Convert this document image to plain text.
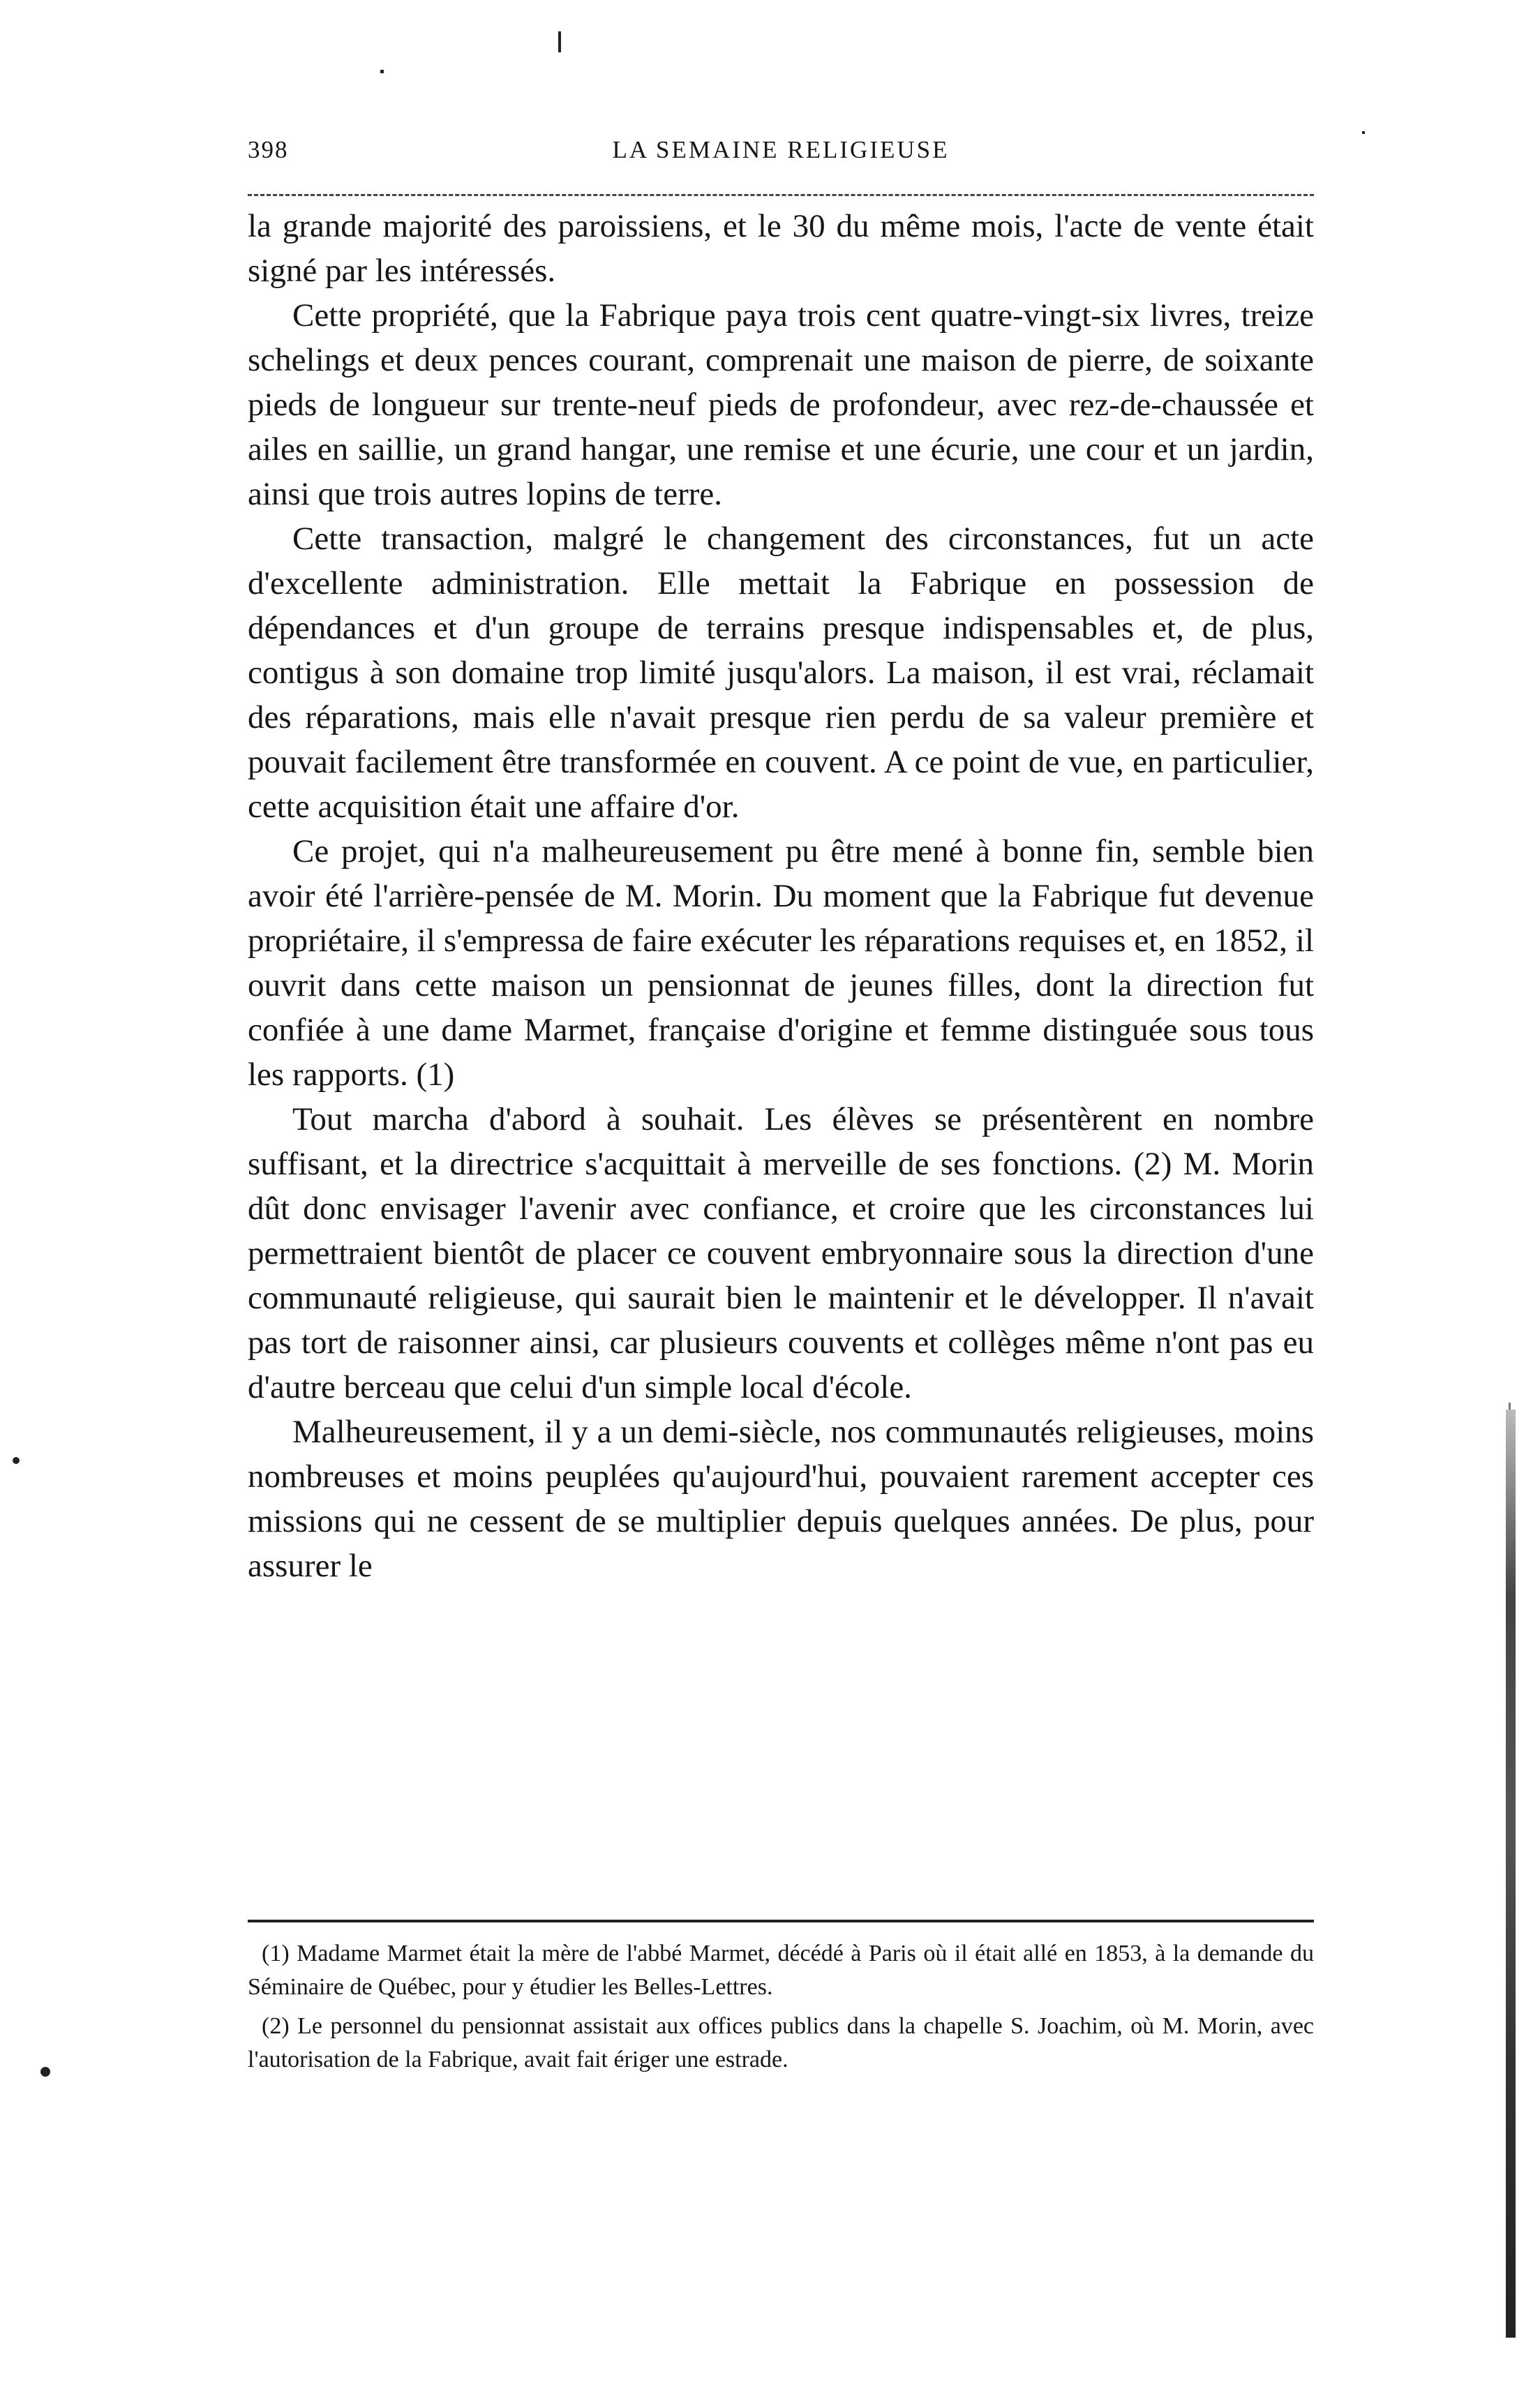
398	LA SEMAINE RELIGIEUSE

la grande majorité des paroissiens, et le 30 du même mois, l'acte de vente était signé par les intéressés.

Cette propriété, que la Fabrique paya trois cent quatre-vingt-six livres, treize schelings et deux pences courant, comprenait une maison de pierre, de soixante pieds de longueur sur trente-neuf pieds de profondeur, avec rez-de-chaussée et ailes en saillie, un grand hangar, une remise et une écurie, une cour et un jardin, ainsi que trois autres lopins de terre.

Cette transaction, malgré le changement des circonstances, fut un acte d'excellente administration. Elle mettait la Fabrique en possession de dépendances et d'un groupe de terrains presque indispensables et, de plus, contigus à son domaine trop limité jusqu'alors. La maison, il est vrai, réclamait des réparations, mais elle n'avait presque rien perdu de sa valeur première et pouvait facilement être transformée en couvent. A ce point de vue, en particulier, cette acquisition était une affaire d'or.

Ce projet, qui n'a malheureusement pu être mené à bonne fin, semble bien avoir été l'arrière-pensée de M. Morin. Du moment que la Fabrique fut devenue propriétaire, il s'empressa de faire exécuter les réparations requises et, en 1852, il ouvrit dans cette maison un pensionnat de jeunes filles, dont la direction fut confiée à une dame Marmet, française d'origine et femme distinguée sous tous les rapports. (1)

Tout marcha d'abord à souhait. Les élèves se présentèrent en nombre suffisant, et la directrice s'acquittait à merveille de ses fonctions. (2) M. Morin dût donc envisager l'avenir avec confiance, et croire que les circonstances lui permettraient bientôt de placer ce couvent embryonnaire sous la direction d'une communauté religieuse, qui saurait bien le maintenir et le développer. Il n'avait pas tort de raisonner ainsi, car plusieurs couvents et collèges même n'ont pas eu d'autre berceau que celui d'un simple local d'école.

Malheureusement, il y a un demi-siècle, nos communautés religieuses, moins nombreuses et moins peuplées qu'aujourd'hui, pouvaient rarement accepter ces missions qui ne cessent de se multiplier depuis quelques années. De plus, pour assurer le

(1) Madame Marmet était la mère de l'abbé Marmet, décédé à Paris où il était allé en 1853, à la demande du Séminaire de Québec, pour y étudier les Belles-Lettres.

(2) Le personnel du pensionnat assistait aux offices publics dans la chapelle S. Joachim, où M. Morin, avec l'autorisation de la Fabrique, avait fait ériger une estrade.
